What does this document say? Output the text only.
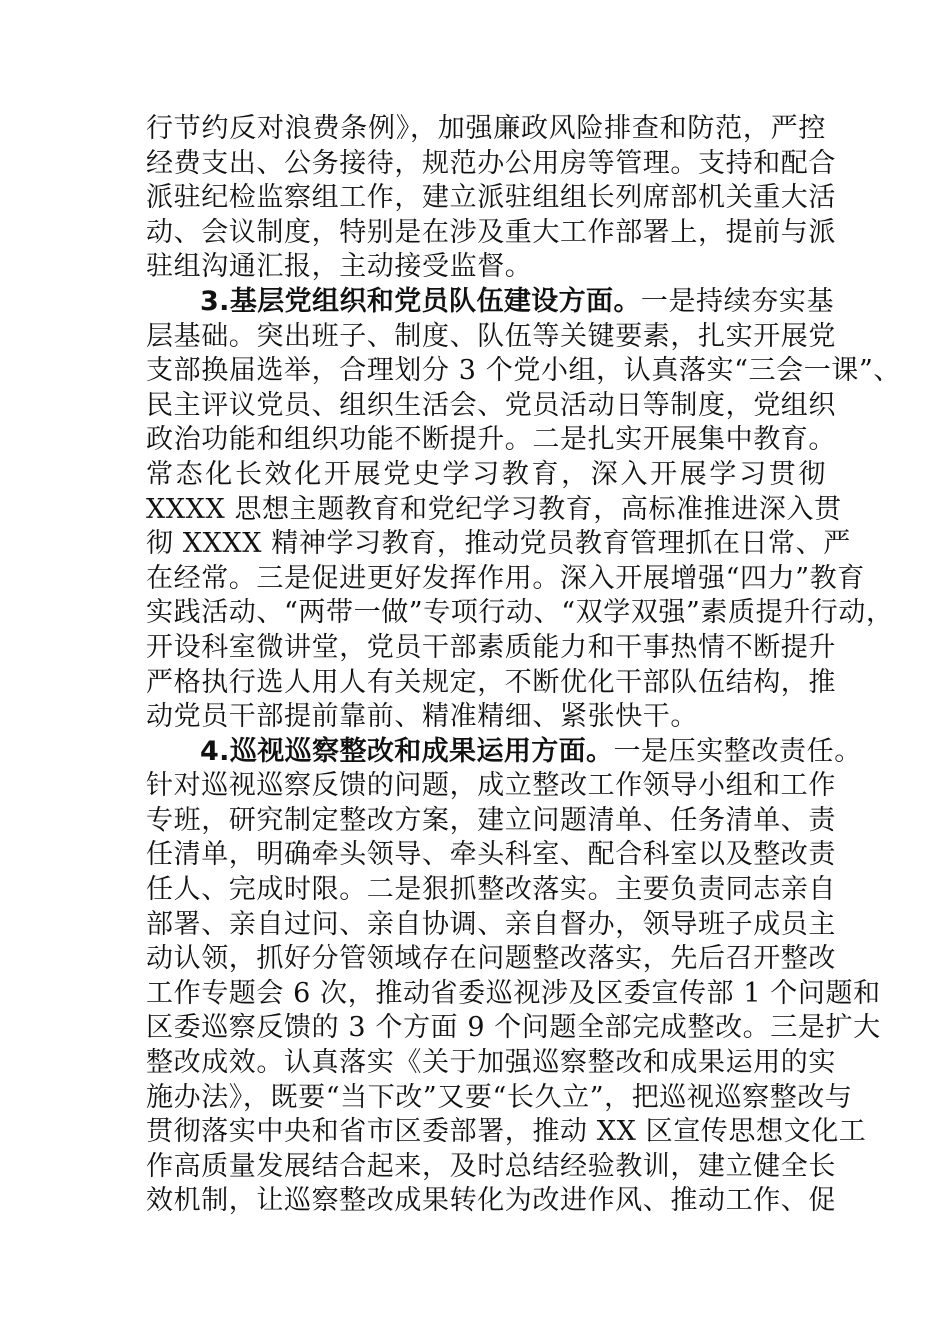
行节约反对浪费条例》，加强廉政风险排查和防范，严控
经费支出、公务接待，规范办公用房等管理。支持和配合
派驻纪检监察组工作，建立派驻组组长列席部机关重大活
动、会议制度，特别是在涉及重大工作部署上，提前与派
驻组沟通汇报，主动接受监督。

3.基层党组织和党员队伍建设方面。一是持续夯实基
层基础。突出班子、制度、队伍等关键要素，扎实开展党
支部换届选举，合理划分 3 个党小组，认真落实“三会一课”、
民主评议党员、组织生活会、党员活动日等制度，党组织
政治功能和组织功能不断提升。二是扎实开展集中教育。
常态化长效化开展党史学习教育，深入开展学习贯彻
XXXX 思想主题教育和党纪学习教育，高标准推进深入贯
彻 XXXX 精神学习教育，推动党员教育管理抓在日常、严
在经常。三是促进更好发挥作用。深入开展增强“四力”教育
实践活动、“两带一做”专项行动、“双学双强”素质提升行动，
开设科室微讲堂，党员干部素质能力和干事热情不断提升
严格执行选人用人有关规定，不断优化干部队伍结构，推
动党员干部提前靠前、精准精细、紧张快干。

4.巡视巡察整改和成果运用方面。一是压实整改责任。
针对巡视巡察反馈的问题，成立整改工作领导小组和工作
专班，研究制定整改方案，建立问题清单、任务清单、责
任清单，明确牵头领导、牵头科室、配合科室以及整改责
任人、完成时限。二是狠抓整改落实。主要负责同志亲自
部署、亲自过问、亲自协调、亲自督办，领导班子成员主
动认领，抓好分管领域存在问题整改落实，先后召开整改
工作专题会 6 次，推动省委巡视涉及区委宣传部 1 个问题和
区委巡察反馈的 3 个方面 9 个问题全部完成整改。三是扩大
整改成效。认真落实《关于加强巡察整改和成果运用的实
施办法》，既要“当下改”又要“长久立”，把巡视巡察整改与
贯彻落实中央和省市区委部署，推动 XX 区宣传思想文化工
作高质量发展结合起来，及时总结经验教训，建立健全长
效机制，让巡察整改成果转化为改进作风、推动工作、促
